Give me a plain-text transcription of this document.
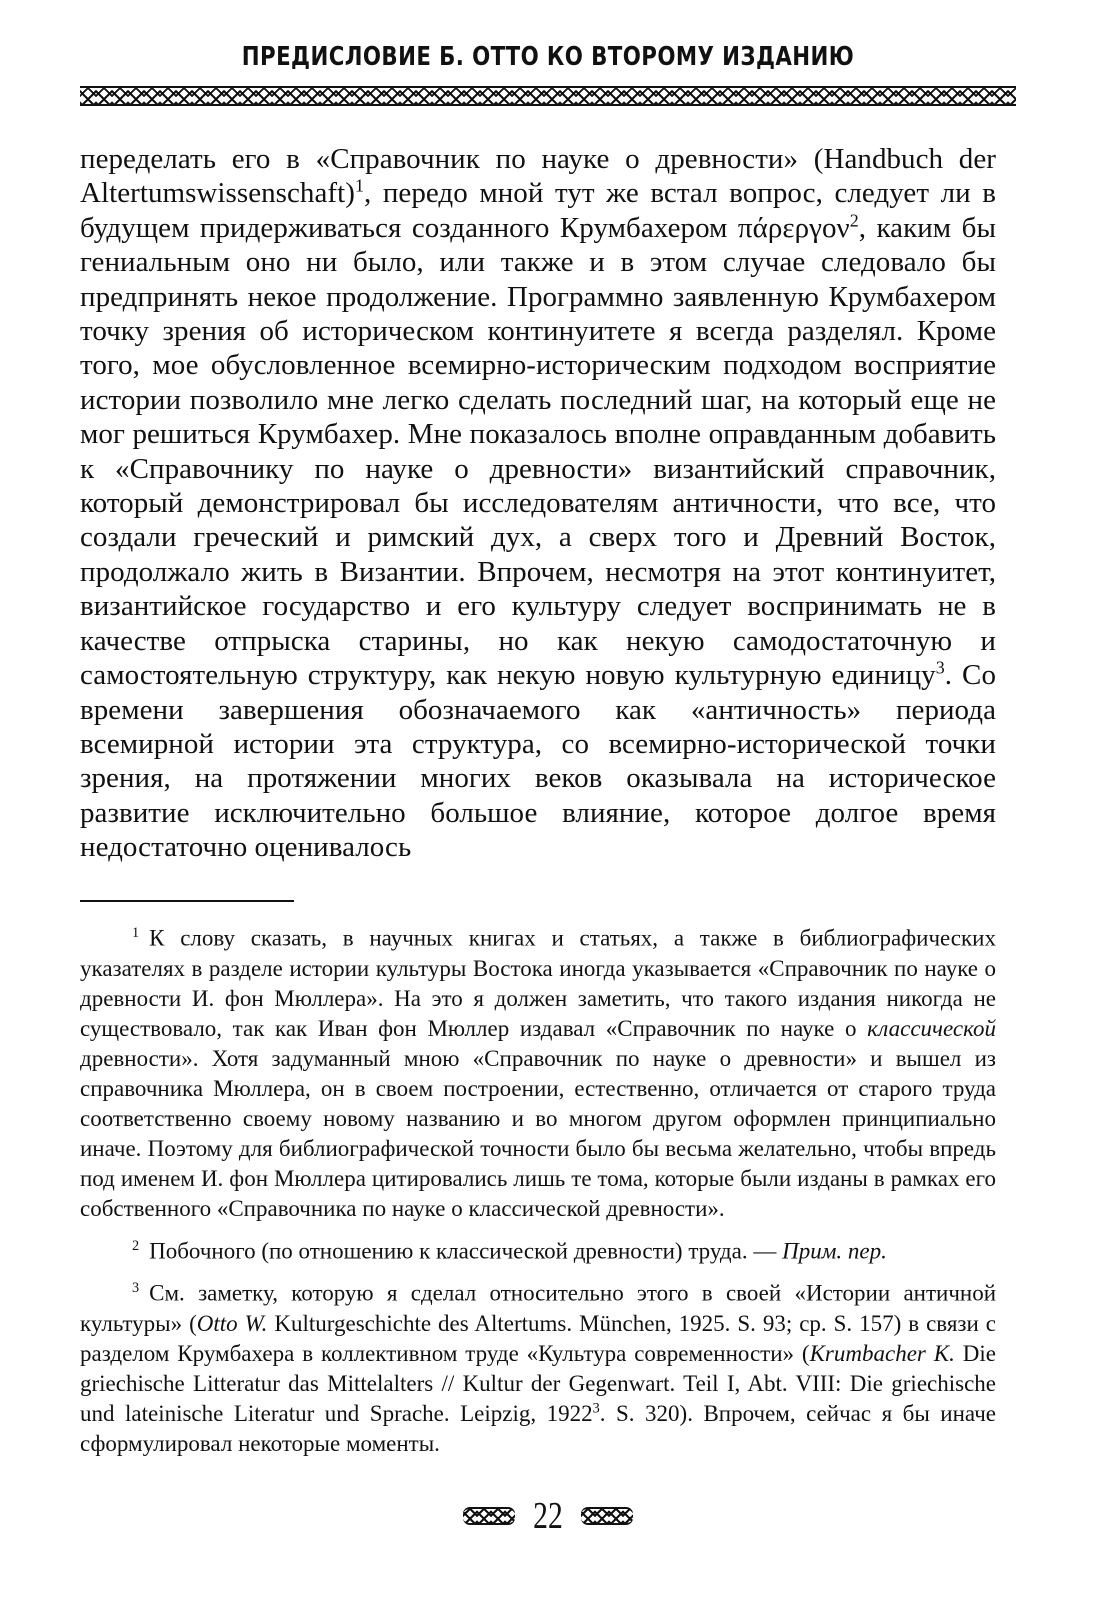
ПРЕДИСЛОВИЕ Б. ОТТО КО ВТОРОМУ ИЗДАНИЮ

переделать его в «Справочник по науке о древности» (Handbuch der Altertumswissenschaft)$^1$, передо мной тут же встал вопрос, следует ли в будущем придерживаться созданного Крумбахером πάρεργον$^2$, каким бы гениальным оно ни было, или также и в этом случае следовало бы предпринять некое продолжение. Программно заявленную Крумбахером точку зрения об историческом континуитете я всегда разделял. Кроме того, мое обусловленное всемирно-историческим подходом восприятие истории позволило мне легко сделать последний шаг, на который еще не мог решиться Крумбахер. Мне показалось вполне оправданным добавить к «Справочнику по науке о древности» византийский справочник, который демонстрировал бы исследователям античности, что все, что создали греческий и римский дух, а сверх того и Древний Восток, продолжало жить в Византии. Впрочем, несмотря на этот континуитет, византийское государство и его культуру следует воспринимать не в качестве отпрыска старины, но как некую самодостаточную и самостоятельную структуру, как некую новую культурную единицу$^3$. Со времени завершения обозначаемого как «античность» периода всемирной истории эта структура, со всемирно-исторической точки зрения, на протяжении многих веков оказывала на историческое развитие исключительно большое влияние, которое долгое время недостаточно оценивалось

$^1$ К слову сказать, в научных книгах и статьях, а также в библиографических указателях в разделе истории культуры Востока иногда указывается «Справочник по науке о древности И. фон Мюллера». На это я должен заметить, что такого издания никогда не существовало, так как Иван фон Мюллер издавал «Справочник по науке о классической древности». Хотя задуманный мною «Справочник по науке о древности» и вышел из справочника Мюллера, он в своем построении, естественно, отличается от старого труда соответственно своему новому названию и во многом другом оформлен принципиально иначе. Поэтому для библиографической точности было бы весьма желательно, чтобы впредь под именем И. фон Мюллера цитировались лишь те тома, которые были изданы в рамках его собственного «Справочника по науке о классической древности».

$^2$ Побочного (по отношению к классической древности) труда. — Прим. пер.

$^3$ См. заметку, которую я сделал относительно этого в своей «Истории античной культуры» (Otto W. Kulturgeschichte des Altertums. München, 1925. S. 93; cp. S. 157) в связи с разделом Крумбахера в коллективном труде «Культура современности» (Krumbacher K. Die griechische Litteratur das Mittelalters // Kultur der Gegenwart. Teil I, Abt. VIII: Die griechische und lateinische Literatur und Sprache. Leipzig, 1922$^3$. S. 320). Впрочем, сейчас я бы иначе сформулировал некоторые моменты.

22
